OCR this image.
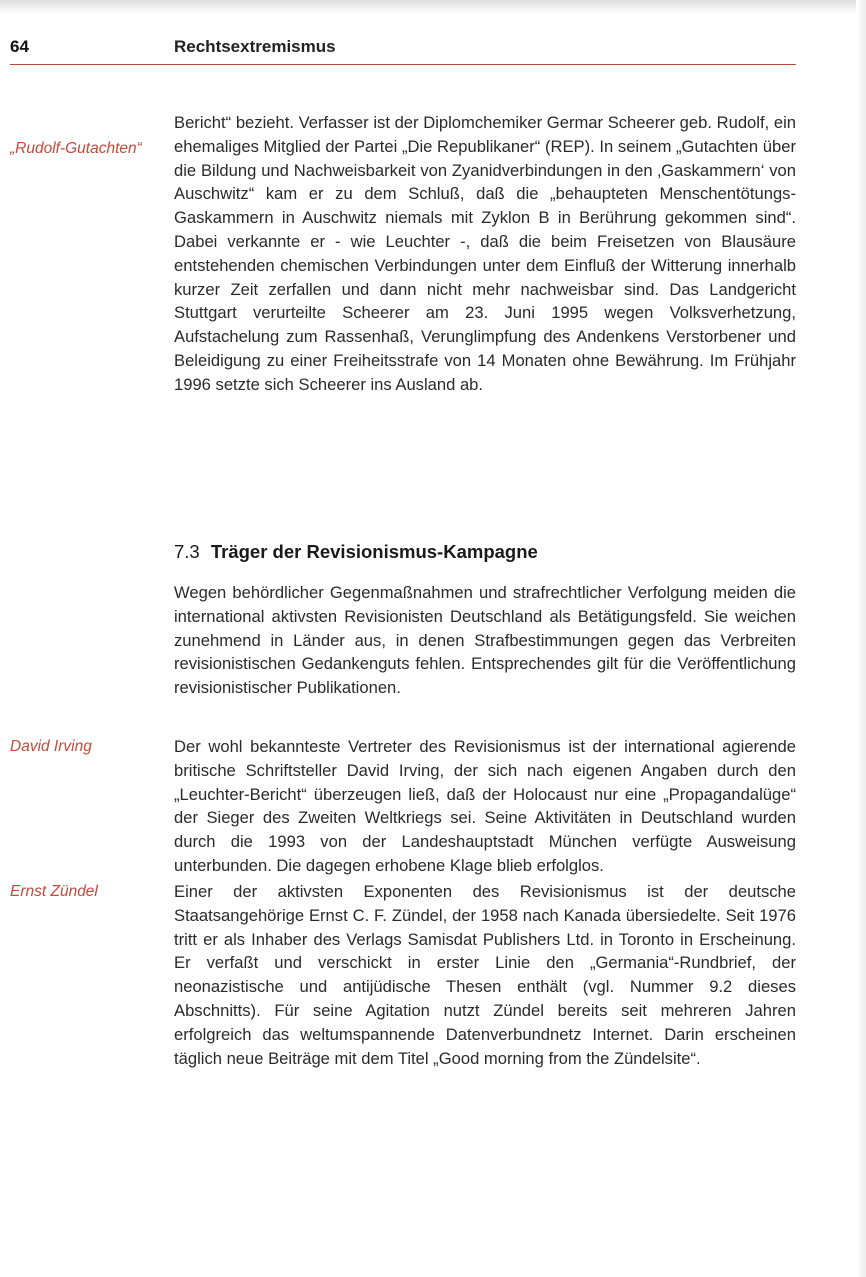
64	Rechtsextremismus
„Rudolf-Gutachten“

Bericht“ bezieht. Verfasser ist der Diplomchemiker Germar Scheerer geb. Rudolf, ein ehemaliges Mitglied der Partei „Die Republikaner“ (REP). In seinem „Gutachten über die Bildung und Nachweisbarkeit von Zyanidverbindungen in den ‚Gaskammern‘ von Auschwitz“ kam er zu dem Schluß, daß die „behaupteten Menschentötungs-Gaskammern in Auschwitz niemals mit Zyklon B in Berührung gekommen sind“. Dabei verkannte er - wie Leuchter -, daß die beim Freisetzen von Blausäure entstehenden chemischen Verbindungen unter dem Einfluß der Witterung innerhalb kurzer Zeit zerfallen und dann nicht mehr nachweisbar sind. Das Landgericht Stuttgart verurteilte Scheerer am 23. Juni 1995 wegen Volksverhetzung, Aufstachelung zum Rassenhaß, Verunglimpfung des Andenkens Verstorbener und Beleidigung zu einer Freiheitsstrafe von 14 Monaten ohne Bewährung. Im Frühjahr 1996 setzte sich Scheerer ins Ausland ab.

7.3 Träger der Revisionismus-Kampagne

Wegen behördlicher Gegenmaßnahmen und strafrechtlicher Verfolgung meiden die international aktivsten Revisionisten Deutschland als Betätigungsfeld. Sie weichen zunehmend in Länder aus, in denen Strafbestimmungen gegen das Verbreiten revisionistischen Gedankenguts fehlen. Entsprechendes gilt für die Veröffentlichung revisionistischer Publikationen.

David Irving	Der wohl bekannteste Vertreter des Revisionismus ist der international agierende britische Schriftsteller David Irving, der sich nach eigenen Angaben durch den „Leuchter-Bericht“ überzeugen ließ, daß der Holocaust nur eine „Propagandalüge“ der Sieger des Zweiten Weltkriegs sei. Seine Aktivitäten in Deutschland wurden durch die 1993 von der Landeshauptstadt München verfügte Ausweisung unterbunden. Die dagegen erhobene Klage blieb erfolglos.

Ernst Zündel	Einer der aktivsten Exponenten des Revisionismus ist der deutsche Staatsangehörige Ernst C. F. Zündel, der 1958 nach Kanada übersiedelte. Seit 1976 tritt er als Inhaber des Verlags Samisdat Publishers Ltd. in Toronto in Erscheinung. Er verfaßt und verschickt in erster Linie den „Germania“-Rundbrief, der neonazistische und antijüdische Thesen enthält (vgl. Nummer 9.2 dieses Abschnitts). Für seine Agitation nutzt Zündel bereits seit mehreren Jahren erfolgreich das weltumspannende Datenverbundnetz Internet. Darin erscheinen täglich neue Beiträge mit dem Titel „Good morning from the Zündelsite“.
